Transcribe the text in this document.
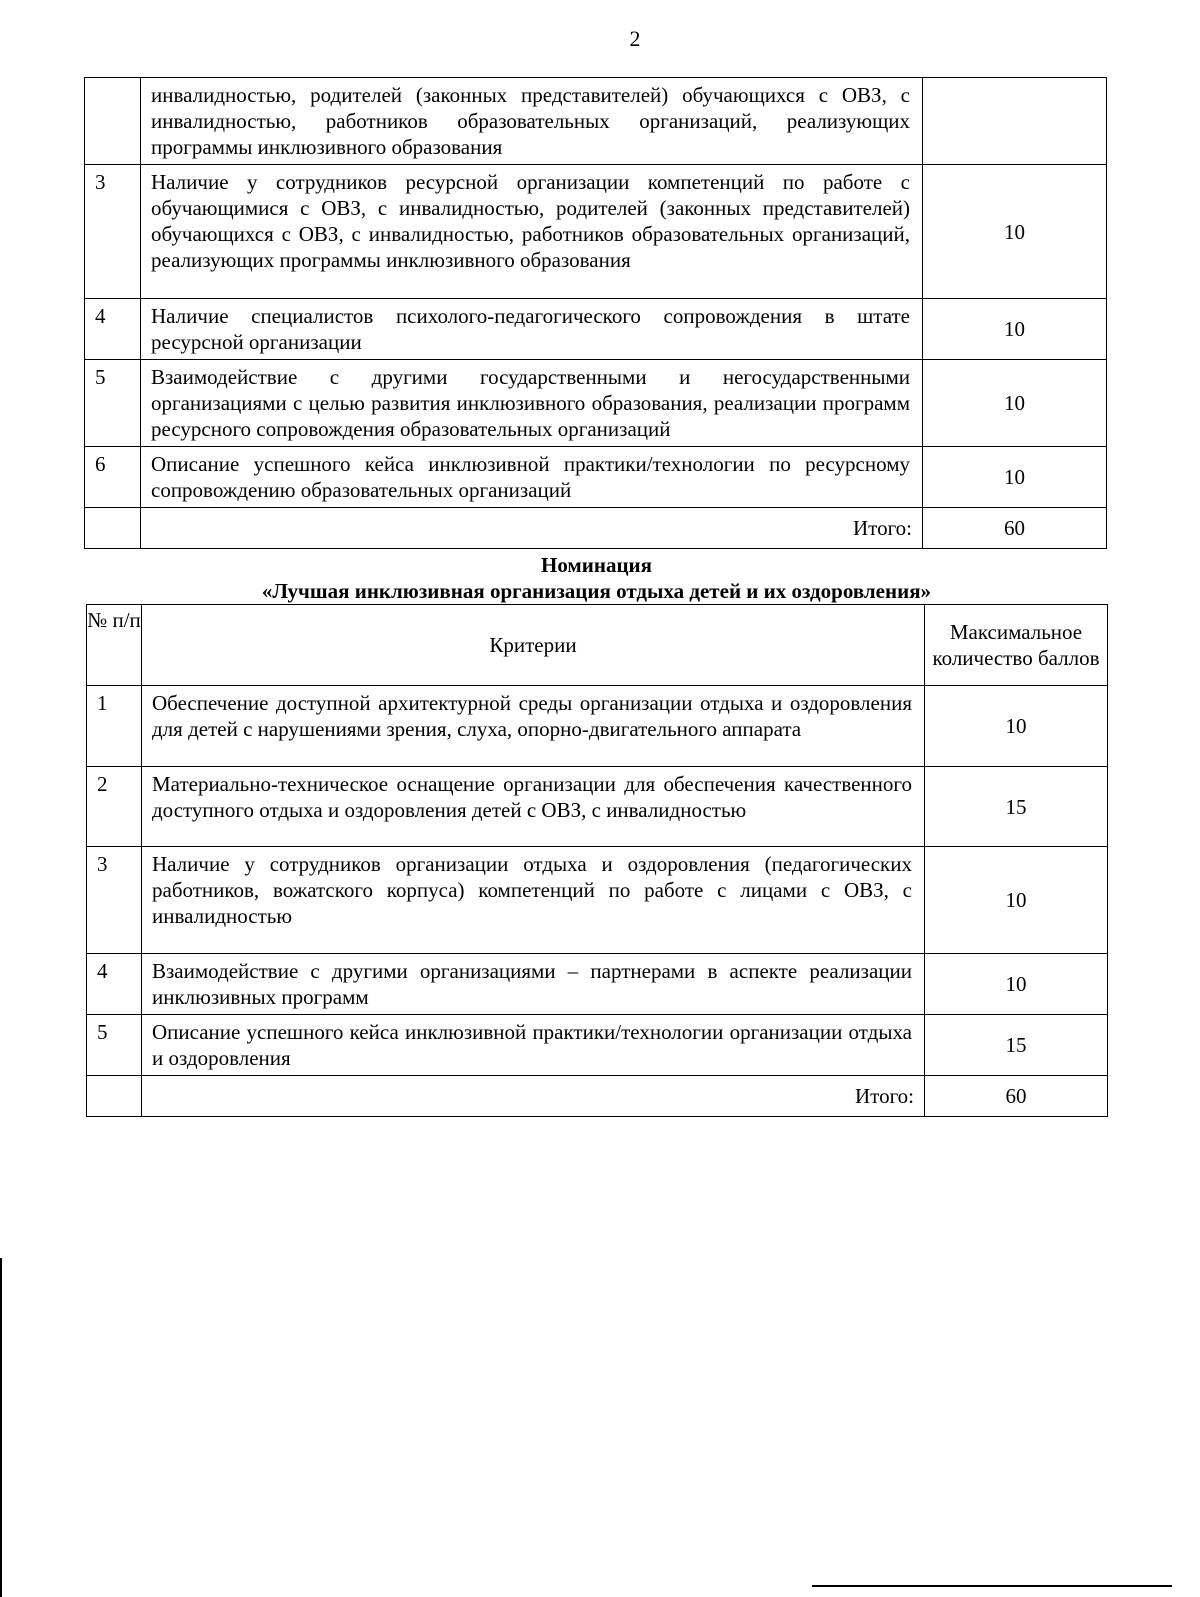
2
	инвалидностью, родителей (законных представителей) обучающихся с ОВЗ, с инвалидностью, работников образовательных организаций, реализующих программы инклюзивного образования	
3	Наличие у сотрудников ресурсной организации компетенций по работе с обучающимися с ОВЗ, с инвалидностью, родителей (законных представителей) обучающихся с ОВЗ, с инвалидностью, работников образовательных организаций, реализующих программы инклюзивного образования	10
4	Наличие специалистов психолого-педагогического сопровождения в штате ресурсной организации	10
5	Взаимодействие с другими государственными и негосударственными организациями с целью развития инклюзивного образования, реализации программ ресурсного сопровождения образовательных организаций	10
6	Описание успешного кейса инклюзивной практики/технологии по ресурсному сопровождению образовательных организаций	10
	Итого:	60
Номинация
«Лучшая инклюзивная организация отдыха детей и их оздоровления»
№ п/п	Критерии	Максимальное количество баллов
1	Обеспечение доступной архитектурной среды организации отдыха и оздоровления для детей с нарушениями зрения, слуха, опорно-двигательного аппарата	10
2	Материально-техническое оснащение организации для обеспечения качественного доступного отдыха и оздоровления детей с ОВЗ, с инвалидностью	15
3	Наличие у сотрудников организации отдыха и оздоровления (педагогических работников, вожатского корпуса) компетенций по работе с лицами с ОВЗ, с инвалидностью	10
4	Взаимодействие с другими организациями – партнерами в аспекте реализации инклюзивных программ	10
5	Описание успешного кейса инклюзивной практики/технологии организации отдыха и оздоровления	15
	Итого:	60
